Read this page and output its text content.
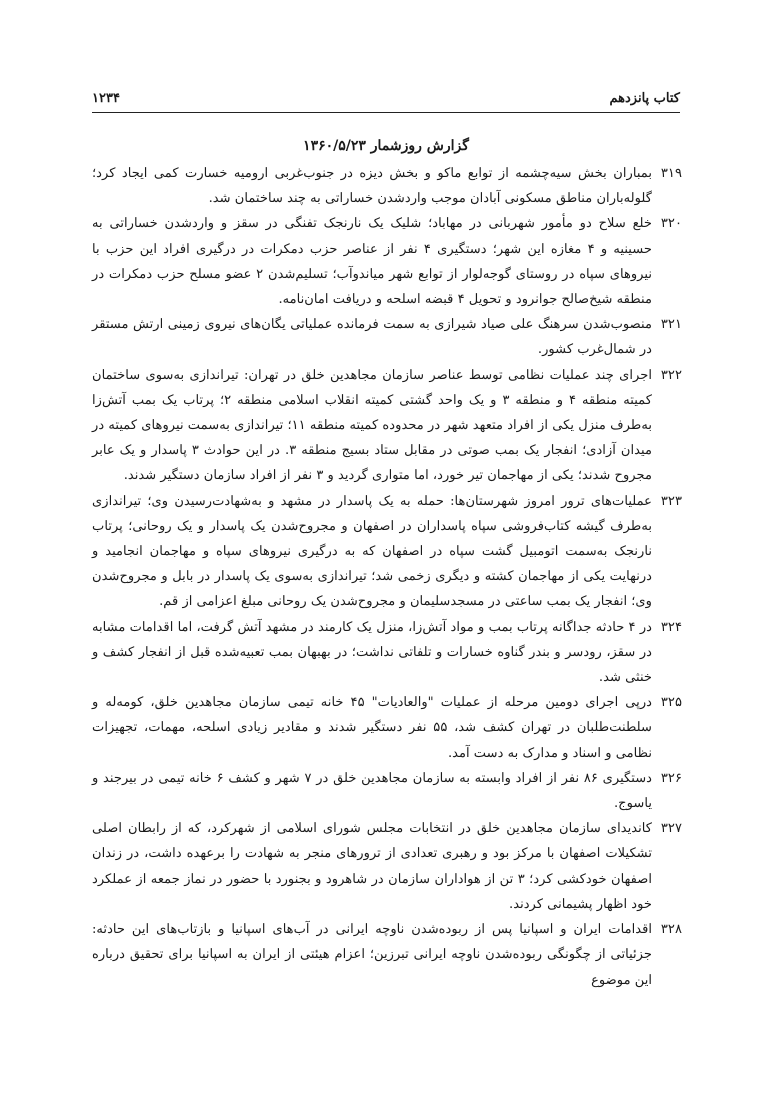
کتاب پانزدهم
۱۲۳۴
گزارش روزشمار ۱۳۶۰/۵/۲۳
۳۱۹
بمباران بخش سیه‌چشمه از توابع ماکو و بخش دیزه در جنوب‌غربی ارومیه خسارت کمی ایجاد کرد؛ گلوله‌باران مناطق مسکونی آبادان موجب واردشدن خساراتی به چند ساختمان شد.
۳۲۰
خلع سلاح دو مأمور شهربانی در مهاباد؛ شلیک یک نارنجک تفنگی در سقز و واردشدن خساراتی به حسینیه و ۴ مغازه این شهر؛ دستگیری ۴ نفر از عناصر حزب دمکرات در درگیری افراد این حزب با نیروهای سپاه در روستای گوجه‌لوار از توابع شهر میاندوآب؛ تسلیم‌شدن ۲ عضو مسلح حزب دمکرات در منطقه شیخ‌صالح جوانرود و تحویل ۴ قبضه اسلحه و دریافت امان‌نامه.
۳۲۱
منصوب‌شدن سرهنگ علی صیاد شیرازی به سمت فرمانده عملیاتی یگان‌های نیروی زمینی ارتش مستقر در شمال‌غرب کشور.
۳۲۲
اجرای چند عملیات نظامی توسط عناصر سازمان مجاهدین خلق در تهران: تیراندازی به‌سوی ساختمان کمیته منطقه ۴ و منطقه ۳ و یک واحد گشتی کمیته انقلاب اسلامی منطقه ۲؛ پرتاب یک بمب آتش‌زا به‌طرف منزل یکی از افراد متعهد شهر در محدوده کمیته منطقه ۱۱؛ تیراندازی به‌سمت نیروهای کمیته در میدان آزادی؛ انفجار یک بمب صوتی در مقابل ستاد بسیج منطقه ۳. در این حوادث ۳ پاسدار و یک عابر مجروح شدند؛ یکی از مهاجمان تیر خورد، اما متواری گردید و ۳ نفر از افراد سازمان دستگیر شدند.
۳۲۳
عملیات‌های ترور امروز شهرستان‌ها: حمله به یک پاسدار در مشهد و به‌شهادت‌رسیدن وی؛ تیراندازی به‌طرف گیشه کتاب‌فروشی سپاه پاسداران در اصفهان و مجروح‌شدن یک پاسدار و یک روحانی؛ پرتاب نارنجک به‌سمت اتومبیل گشت سپاه در اصفهان که به درگیری نیروهای سپاه و مهاجمان انجامید و درنهایت یکی از مهاجمان کشته و دیگری زخمی شد؛ تیراندازی به‌سوی یک پاسدار در بابل و مجروح‌شدن وی؛ انفجار یک بمب ساعتی در مسجدسلیمان و مجروح‌شدن یک روحانی مبلغ اعزامی از قم.
۳۲۴
در ۴ حادثه جداگانه پرتاب بمب و مواد آتش‌زا، منزل یک کارمند در مشهد آتش گرفت، اما اقدامات مشابه در سقز، رودسر و بندر گناوه خسارات و تلفاتی نداشت؛ در بهبهان بمب تعبیه‌شده قبل از انفجار کشف و خنثی شد.
۳۲۵
درپی اجرای دومین مرحله از عملیات "والعادیات" ۴۵ خانه تیمی سازمان مجاهدین خلق، کومه‌له و سلطنت‌طلبان در تهران کشف شد، ۵۵ نفر دستگیر شدند و مقادیر زیادی اسلحه، مهمات، تجهیزات نظامی و اسناد و مدارک به دست آمد.
۳۲۶
دستگیری ۸۶ نفر از افراد وابسته به سازمان مجاهدین خلق در ۷ شهر و کشف ۶ خانه تیمی در بیرجند و یاسوج.
۳۲۷
کاندیدای سازمان مجاهدین خلق در انتخابات مجلس شورای اسلامی از شهرکرد، که از رابطان اصلی تشکیلات اصفهان با مرکز بود و رهبری تعدادی از ترورهای منجر به شهادت را برعهده داشت، در زندان اصفهان خودکشی کرد؛ ۳ تن از هواداران سازمان در شاهرود و بجنورد با حضور در نماز جمعه از عملکرد خود اظهار پشیمانی کردند.
۳۲۸
اقدامات ایران و اسپانیا پس از ربوده‌شدن ناوچه ایرانی در آب‌های اسپانیا و بازتاب‌های این حادثه: جزئیاتی از چگونگی ربوده‌شدن ناوچه ایرانی تبرزین؛ اعزام هیئتی از ایران به اسپانیا برای تحقیق درباره این موضوع
